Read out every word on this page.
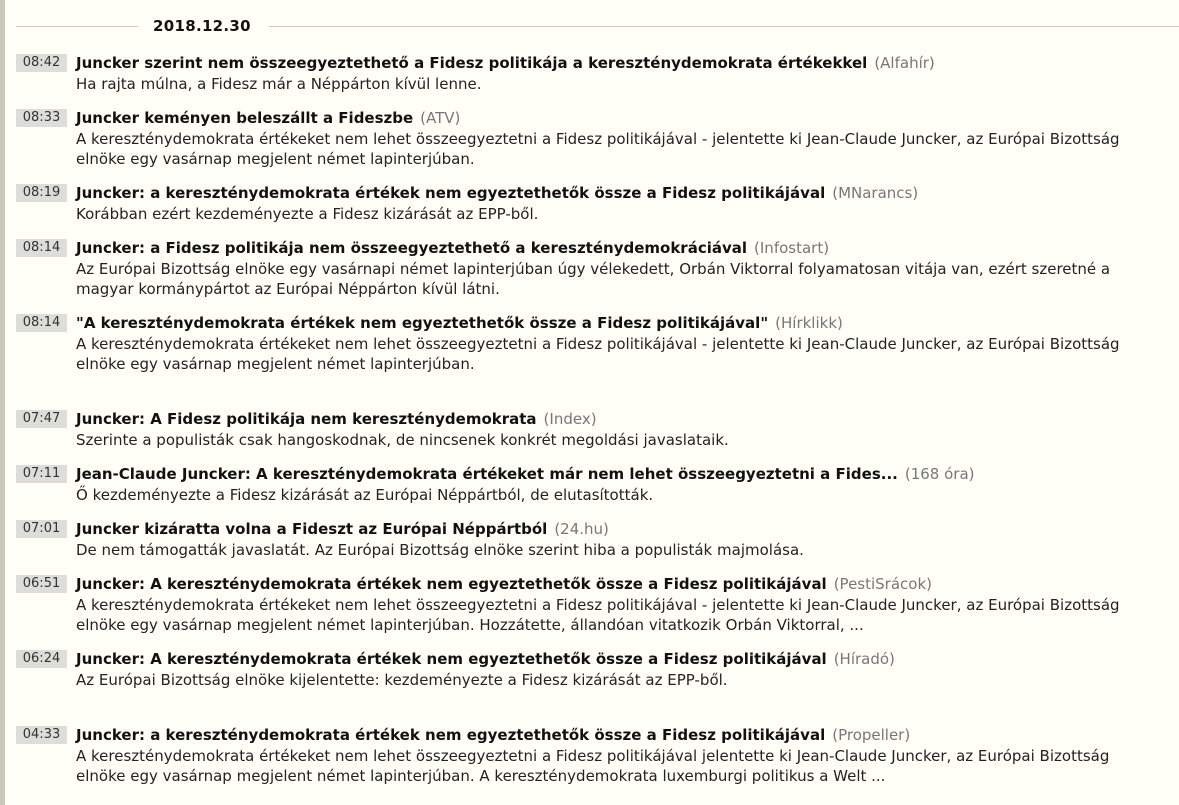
2018.12.30
08:42	Juncker szerint nem összeegyeztethető a Fidesz politikája a kereszténydemokrata értékekkel (Alfahír)
Ha rajta múlna, a Fidesz már a Néppárton kívül lenne.
08:33	Juncker keményen beleszállt a Fideszbe (ATV)
A kereszténydemokrata értékeket nem lehet összeegyeztetni a Fidesz politikájával - jelentette ki Jean-Claude Juncker, az Európai Bizottság elnöke egy vasárnap megjelent német lapinterjúban.
08:19	Juncker: a kereszténydemokrata értékek nem egyeztethetők össze a Fidesz politikájával (MNarancs)
Korábban ezért kezdeményezte a Fidesz kizárását az EPP-ből.
08:14	Juncker: a Fidesz politikája nem összeegyeztethető a kereszténydemokráciával (Infostart)
Az Európai Bizottság elnöke egy vasárnapi német lapinterjúban úgy vélekedett, Orbán Viktorral folyamatosan vitája van, ezért szeretné a magyar kormánypártot az Európai Néppárton kívül látni.
08:14	"A kereszténydemokrata értékek nem egyeztethetők össze a Fidesz politikájával" (Hírklikk)
A kereszténydemokrata értékeket nem lehet összeegyeztetni a Fidesz politikájával - jelentette ki Jean-Claude Juncker, az Európai Bizottság elnöke egy vasárnap megjelent német lapinterjúban.
07:47	Juncker: A Fidesz politikája nem kereszténydemokrata (Index)
Szerinte a populisták csak hangoskodnak, de nincsenek konkrét megoldási javaslataik.
07:11	Jean-Claude Juncker: A kereszténydemokrata értékeket már nem lehet összeegyeztetni a Fides... (168 óra)
Ő kezdeményezte a Fidesz kizárását az Európai Néppártból, de elutasították.
07:01	Juncker kizáratta volna a Fideszt az Európai Néppártból (24.hu)
De nem támogatták javaslatát. Az Európai Bizottság elnöke szerint hiba a populisták majmolása.
06:51	Juncker: A kereszténydemokrata értékek nem egyeztethetők össze a Fidesz politikájával (PestiSrácok)
A kereszténydemokrata értékeket nem lehet összeegyeztetni a Fidesz politikájával - jelentette ki Jean-Claude Juncker, az Európai Bizottság elnöke egy vasárnap megjelent német lapinterjúban. Hozzátette, állandóan vitatkozik Orbán Viktorral, ...
06:24	Juncker: A kereszténydemokrata értékek nem egyeztethetők össze a Fidesz politikájával (Híradó)
Az Európai Bizottság elnöke kijelentette: kezdeményezte a Fidesz kizárását az EPP-ből.
04:33	Juncker: a kereszténydemokrata értékek nem egyeztethetők össze a Fidesz politikájával (Propeller)
A kereszténydemokrata értékeket nem lehet összeegyeztetni a Fidesz politikájával jelentette ki Jean-Claude Juncker, az Európai Bizottság elnöke egy vasárnap megjelent német lapinterjúban. A kereszténydemokrata luxemburgi politikus a Welt ...
